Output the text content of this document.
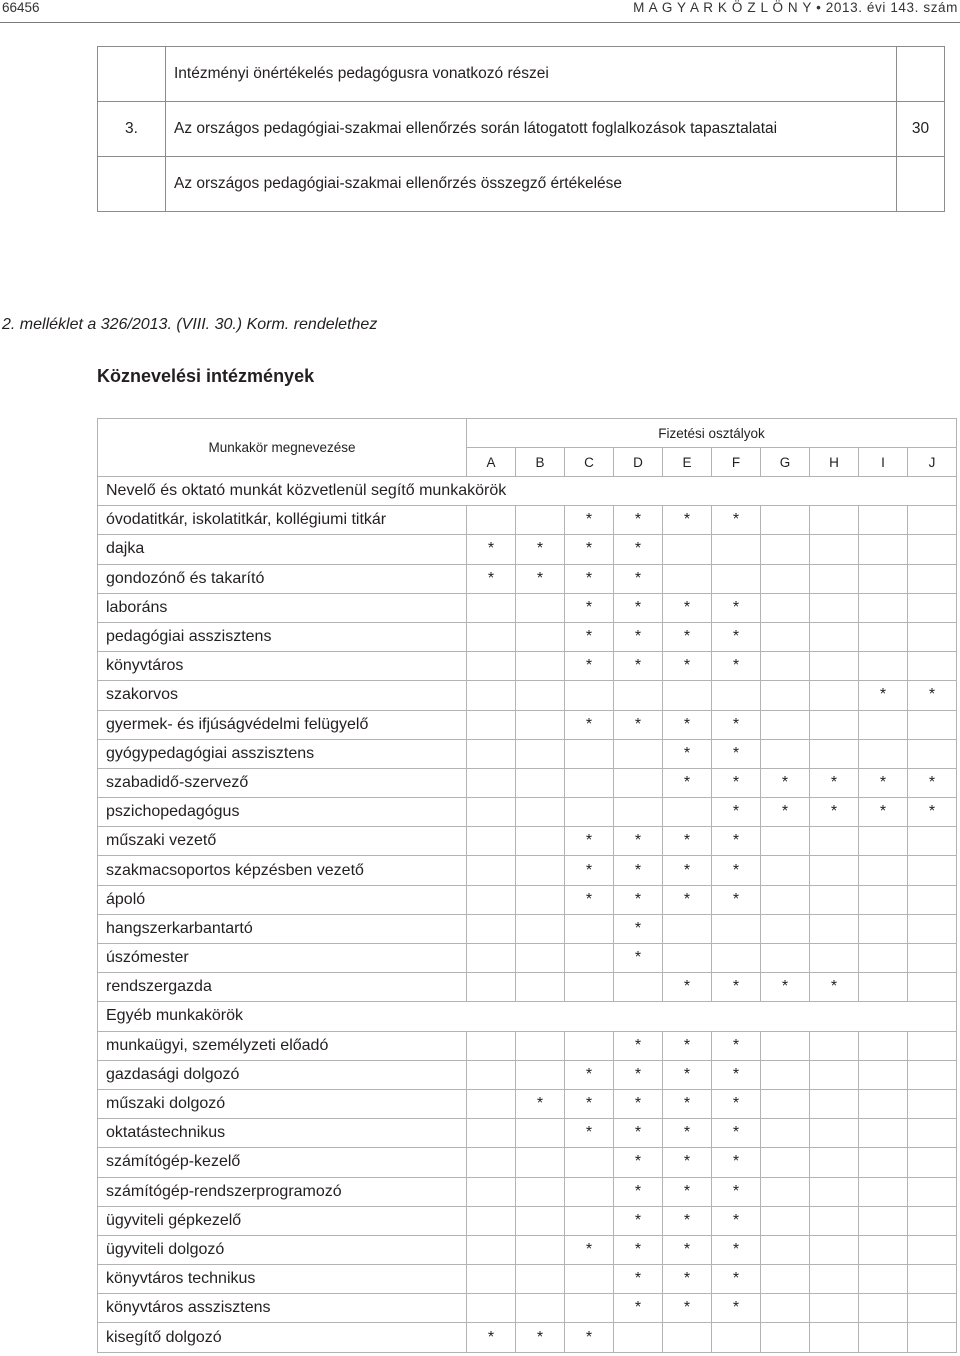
66456	M A G Y A R K Ö Z L Ö N Y • 2013. évi 143. szám
	Intézményi önértékelés pedagógusra vonatkozó részei	
3.	Az országos pedagógiai-szakmai ellenőrzés során látogatott foglalkozások tapasztalatai	30
	Az országos pedagógiai-szakmai ellenőrzés összegző értékelése	
2. melléklet a 326/2013. (VIII. 30.) Korm. rendelethez
Köznevelési intézmények
Munkakör megnevezése	Fizetési osztályok									
	A	B	C	D	E	F	G	H	I	J
Nevelő és oktató munkát közvetlenül segítő munkakörök										
óvodatitkár, iskolatitkár, kollégiumi titkár			*	*	*	*				
dajka	*	*	*	*						
gondozónő és takarító	*	*	*	*						
laboráns			*	*	*	*				
pedagógiai asszisztens			*	*	*	*				
könyvtáros			*	*	*	*				
szakorvos									*	*
gyermek- és ifjúságvédelmi felügyelő			*	*	*	*				
gyógypedagógiai asszisztens					*	*				
szabadidő-szervező					*	*	*	*	*	*
pszichopedagógus						*	*	*	*	*
műszaki vezető			*	*	*	*				
szakmacsoportos képzésben vezető			*	*	*	*				
ápoló			*	*	*	*				
hangszerkarbantartó				*						
úszómester				*						
rendszergazda					*	*	*	*		
Egyéb munkakörök										
munkaügyi, személyzeti előadó				*	*	*				
gazdasági dolgozó			*	*	*	*				
műszaki dolgozó		*	*	*	*	*				
oktatástechnikus			*	*	*	*				
számítógép-kezelő				*	*	*				
számítógép-rendszerprogramozó				*	*	*				
ügyviteli gépkezelő				*	*	*				
ügyviteli dolgozó			*	*	*	*				
könyvtáros technikus				*	*	*				
könyvtáros asszisztens				*	*	*				
kisegítő dolgozó	*	*	*							
